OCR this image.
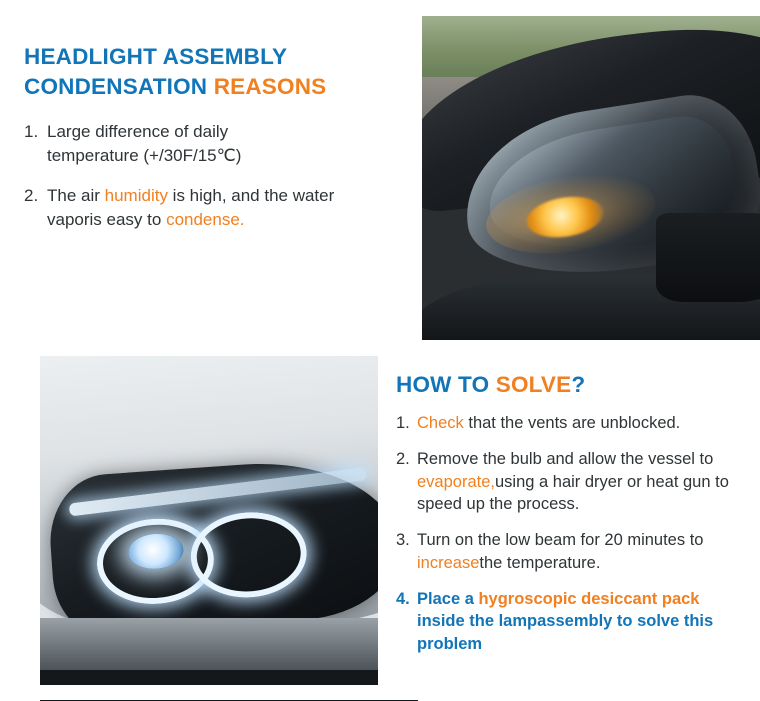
HEADLIGHT ASSEMBLY
CONDENSATION REASONS
1. Large difference of daily temperature (+/30F/15℃)
2. The air humidity is high, and the water vaporis easy to condense.
HOW TO SOLVE?
1. Check that the vents are unblocked.
2. Remove the bulb and allow the vessel to evaporate,using a hair dryer or heat gun to speed up the process.
3. Turn on the low beam for 20 minutes to increasethe temperature.
4. Place a hygroscopic desiccant pack inside the lampassembly to solve this problem
